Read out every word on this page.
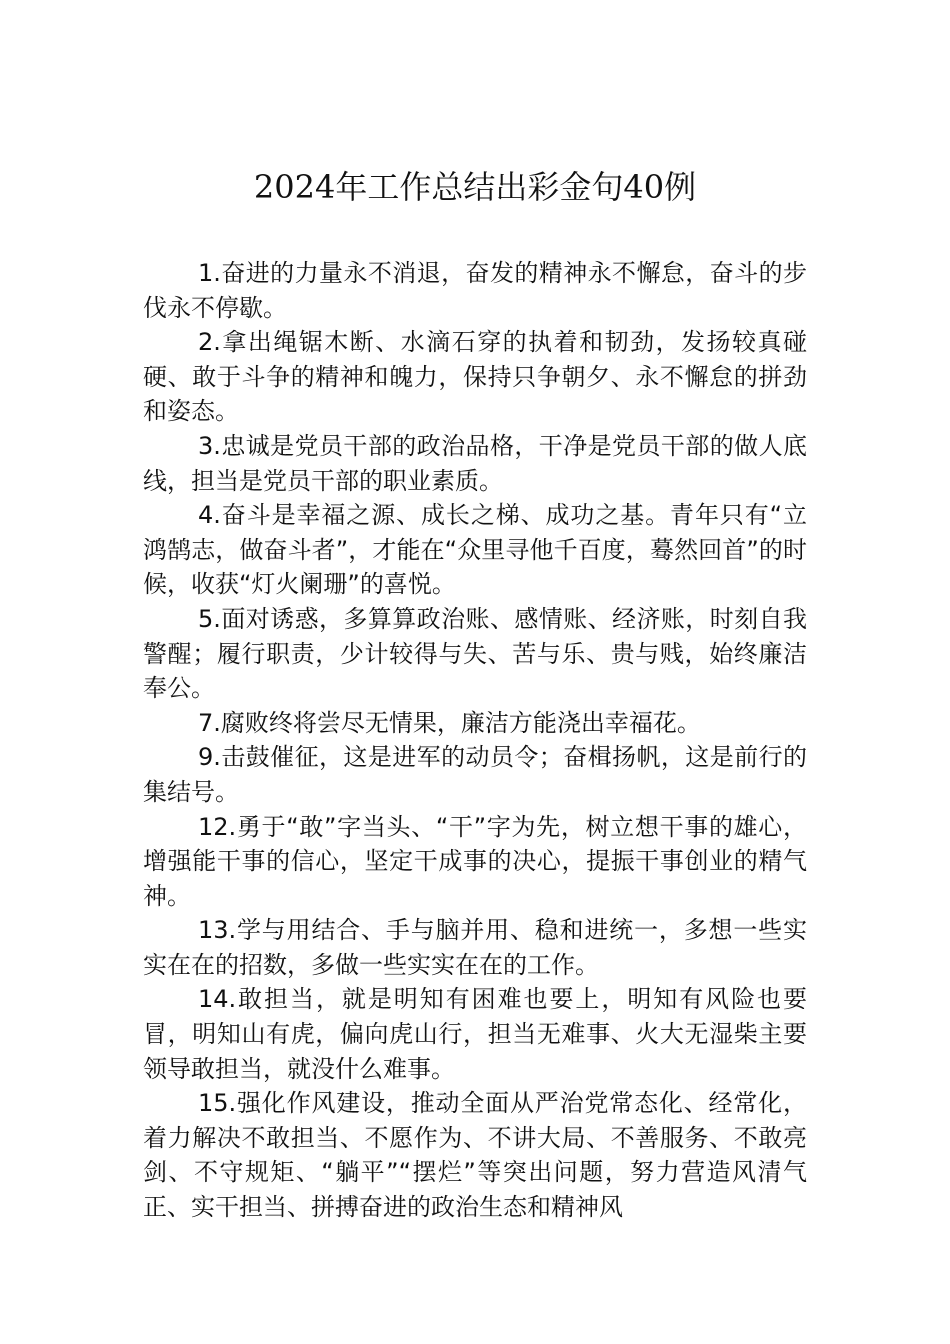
2024年工作总结出彩金句40例

1.奋进的力量永不消退，奋发的精神永不懈怠，奋斗的步伐永不停歇。

2.拿出绳锯木断、水滴石穿的执着和韧劲，发扬较真碰硬、敢于斗争的精神和魄力，保持只争朝夕、永不懈怠的拼劲和姿态。

3.忠诚是党员干部的政治品格，干净是党员干部的做人底线，担当是党员干部的职业素质。

4.奋斗是幸福之源、成长之梯、成功之基。青年只有“立鸿鹄志，做奋斗者”，才能在“众里寻他千百度，蓦然回首”的时候，收获“灯火阑珊”的喜悦。

5.面对诱惑，多算算政治账、感情账、经济账，时刻自我警醒；履行职责，少计较得与失、苦与乐、贵与贱，始终廉洁奉公。

7.腐败终将尝尽无情果，廉洁方能浇出幸福花。

9.击鼓催征，这是进军的动员令；奋楫扬帆，这是前行的集结号。

12.勇于“敢”字当头、“干”字为先，树立想干事的雄心，增强能干事的信心，坚定干成事的决心，提振干事创业的精气神。

13.学与用结合、手与脑并用、稳和进统一，多想一些实实在在的招数，多做一些实实在在的工作。

14.敢担当，就是明知有困难也要上，明知有风险也要冒，明知山有虎，偏向虎山行，担当无难事、火大无湿柴主要领导敢担当，就没什么难事。

15.强化作风建设，推动全面从严治党常态化、经常化，着力解决不敢担当、不愿作为、不讲大局、不善服务、不敢亮剑、不守规矩、“躺平”“摆烂”等突出问题，努力营造风清气正、实干担当、拼搏奋进的政治生态和精神风
